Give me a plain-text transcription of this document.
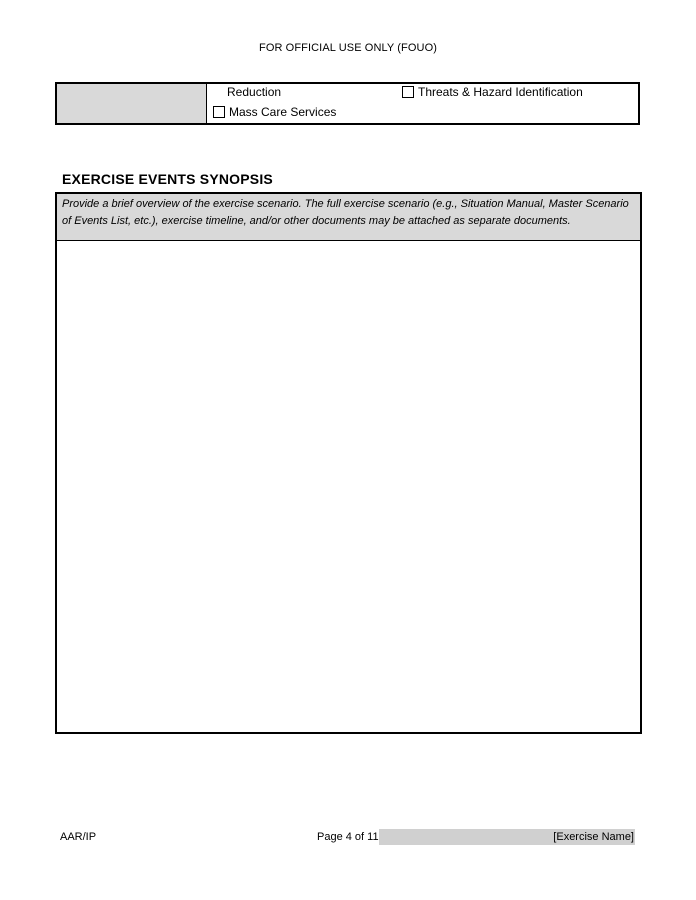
FOR OFFICIAL USE ONLY (FOUO)
Reduction	Threats & Hazard Identification
Mass Care Services
EXERCISE EVENTS SYNOPSIS
Provide a brief overview of the exercise scenario. The full exercise scenario (e.g., Situation Manual, Master Scenario of Events List, etc.), exercise timeline, and/or other documents may be attached as separate documents.
AAR/IP	Page 4 of 11	[Exercise Name]
